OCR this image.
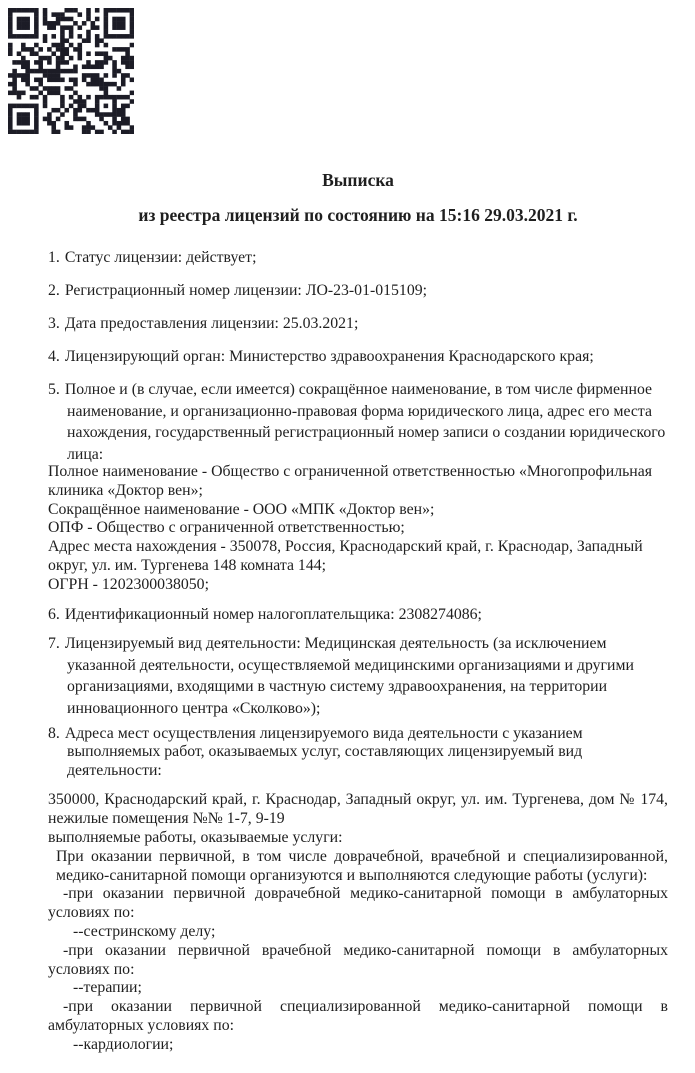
Выписка

из реестра лицензий по состоянию на 15:16 29.03.2021 г.

1. Статус лицензии: действует;

2. Регистрационный номер лицензии: ЛО-23-01-015109;

3. Дата предоставления лицензии: 25.03.2021;

4. Лицензирующий орган: Министерство здравоохранения Краснодарского края;

5. Полное и (в случае, если имеется) сокращённое наименование, в том числе фирменное наименование, и организационно-правовая форма юридического лица, адрес его места нахождения, государственный регистрационный номер записи о создании юридического лица:

Полное наименование - Общество с ограниченной ответственностью «Многопрофильная клиника «Доктор вен»;

Сокращённое наименование - ООО «МПК «Доктор вен»;

ОПФ - Общество с ограниченной ответственностью;

Адрес места нахождения - 350078, Россия, Краснодарский край, г. Краснодар, Западный округ, ул. им. Тургенева 148 комната 144;

ОГРН - 1202300038050;

6. Идентификационный номер налогоплательщика: 2308274086;

7. Лицензируемый вид деятельности: Медицинская деятельность (за исключением указанной деятельности, осуществляемой медицинскими организациями и другими организациями, входящими в частную систему здравоохранения, на территории инновационного центра «Сколково»);

8. Адреса мест осуществления лицензируемого вида деятельности с указанием выполняемых работ, оказываемых услуг, составляющих лицензируемый вид деятельности:

350000, Краснодарский край, г. Краснодар, Западный округ, ул. им. Тургенева, дом № 174, нежилые помещения №№ 1-7, 9-19

выполняемые работы, оказываемые услуги:

При оказании первичной, в том числе доврачебной, врачебной и специализированной, медико-санитарной помощи организуются и выполняются следующие работы (услуги):

-при оказании первичной доврачебной медико-санитарной помощи в амбулаторных условиях по:

--сестринскому делу;

-при оказании первичной врачебной медико-санитарной помощи в амбулаторных условиях по:

--терапии;

-при оказании первичной специализированной медико-санитарной помощи в амбулаторных условиях по:

--кардиологии;
